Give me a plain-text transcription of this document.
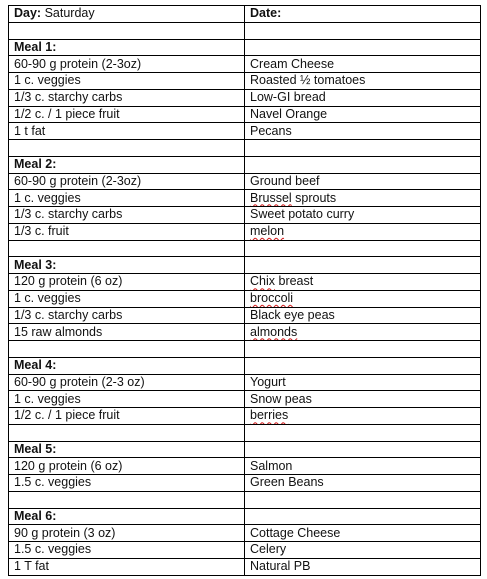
Day: Saturday	Date:

Meal 1:	
60-90 g protein (2-3oz)	Cream Cheese
1 c. veggies	Roasted ½ tomatoes
1/3 c. starchy carbs	Low-GI bread
1/2 c. / 1 piece fruit	Navel Orange
1 t fat	Pecans

Meal 2:	
60-90 g protein (2-3oz)	Ground beef
1 c. veggies	Brussel sprouts
1/3 c. starchy carbs	Sweet potato curry
1/3 c. fruit	melon

Meal 3:	
120 g protein (6 oz)	Chix breast
1 c. veggies	broccoli
1/3 c. starchy carbs	Black eye peas
15 raw almonds	almonds

Meal 4:	
60-90 g protein (2-3 oz)	Yogurt
1 c. veggies	Snow peas
1/2 c. / 1 piece fruit	berries

Meal 5:	
120 g protein (6 oz)	Salmon
1.5 c. veggies	Green Beans

Meal 6:	
90 g protein (3 oz)	Cottage Cheese
1.5 c. veggies	Celery
1 T fat	Natural PB
